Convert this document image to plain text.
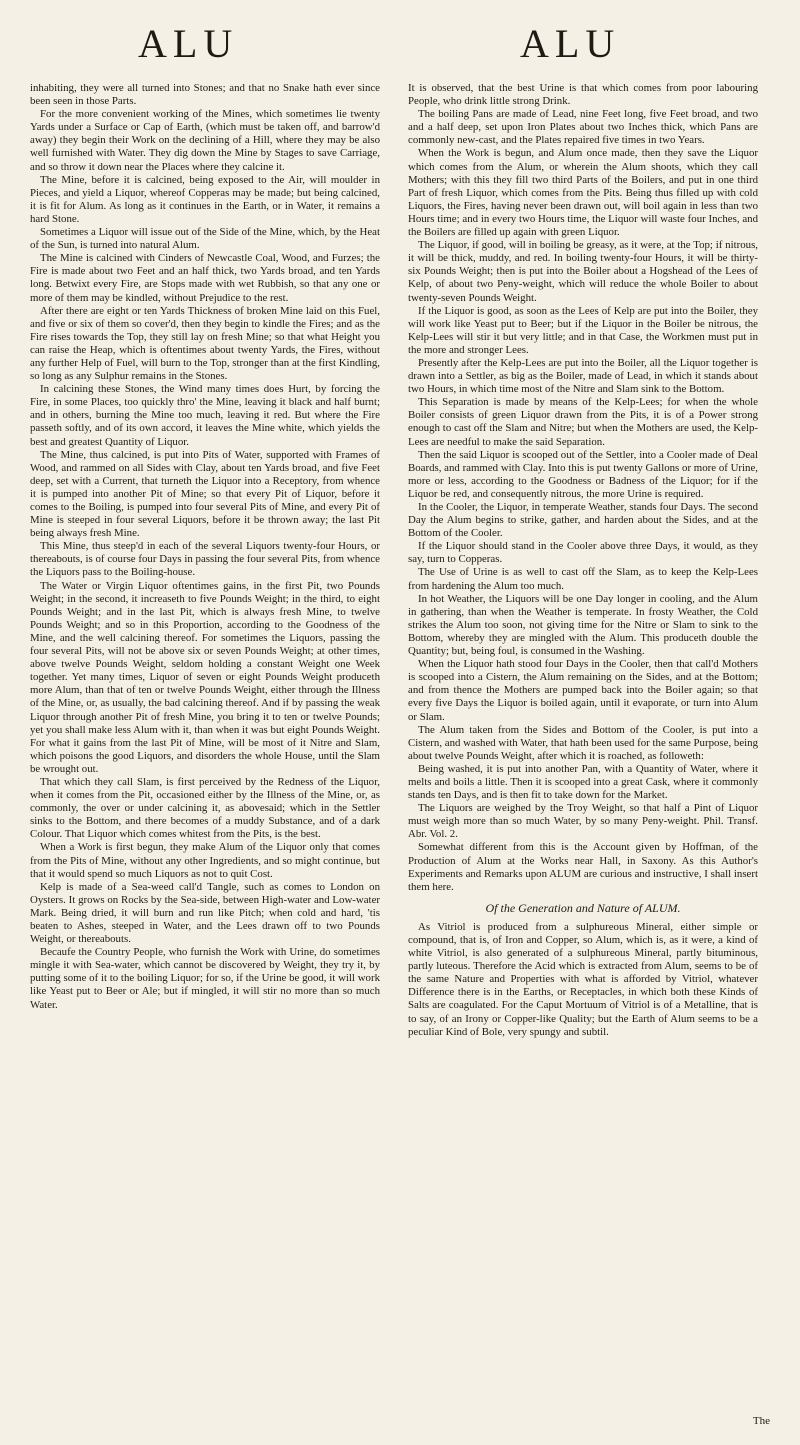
ALU	ALU

inhabiting, they were all turned into Stones; and that no Snake hath ever since been seen in those Parts.

For the more convenient working of the Mines, which sometimes lie twenty Yards under a Surface or Cap of Earth, (which must be taken off, and barrow'd away) they begin their Work on the declining of a Hill, where they may be also well furnished with Water. They dig down the Mine by Stages to save Carriage, and so throw it down near the Places where they calcine it.

The Mine, before it is calcined, being exposed to the Air, will moulder in Pieces, and yield a Liquor, whereof Copperas may be made; but being calcined, it is fit for Alum. As long as it continues in the Earth, or in Water, it remains a hard Stone.

Sometimes a Liquor will issue out of the Side of the Mine, which, by the Heat of the Sun, is turned into natural Alum.

The Mine is calcined with Cinders of Newcastle Coal, Wood, and Furzes; the Fire is made about two Feet and an half thick, two Yards broad, and ten Yards long. Betwixt every Fire, are Stops made with wet Rubbish, so that any one or more of them may be kindled, without Prejudice to the rest.

After there are eight or ten Yards Thickness of broken Mine laid on this Fuel, and five or six of them so cover'd, then they begin to kindle the Fires; and as the Fire rises towards the Top, they still lay on fresh Mine; so that what Height you can raise the Heap, which is oftentimes about twenty Yards, the Fires, without any further Help of Fuel, will burn to the Top, stronger than at the first Kindling, so long as any Sulphur remains in the Stones.

In calcining these Stones, the Wind many times does Hurt, by forcing the Fire, in some Places, too quickly thro' the Mine, leaving it black and half burnt; and in others, burning the Mine too much, leaving it red. But where the Fire passeth softly, and of its own accord, it leaves the Mine white, which yields the best and greatest Quantity of Liquor.

The Mine, thus calcined, is put into Pits of Water, supported with Frames of Wood, and rammed on all Sides with Clay, about ten Yards broad, and five Feet deep, set with a Current, that turneth the Liquor into a Receptory, from whence it is pumped into another Pit of Mine; so that every Pit of Liquor, before it comes to the Boiling, is pumped into four several Pits of Mine, and every Pit of Mine is steeped in four several Liquors, before it be thrown away; the last Pit being always fresh Mine.

This Mine, thus steep'd in each of the several Liquors twenty-four Hours, or thereabouts, is of course four Days in passing the four several Pits, from whence the Liquors pass to the Boiling-house.

The Water or Virgin Liquor oftentimes gains, in the first Pit, two Pounds Weight; in the second, it increaseth to five Pounds Weight; in the third, to eight Pounds Weight; and in the last Pit, which is always fresh Mine, to twelve Pounds Weight; and so in this Proportion, according to the Goodness of the Mine, and the well calcining thereof. For sometimes the Liquors, passing the four several Pits, will not be above six or seven Pounds Weight; at other times, above twelve Pounds Weight, seldom holding a constant Weight one Week together. Yet many times, Liquor of seven or eight Pounds Weight produceth more Alum, than that of ten or twelve Pounds Weight, either through the Illness of the Mine, or, as usually, the bad calcining thereof. And if by passing the weak Liquor through another Pit of fresh Mine, you bring it to ten or twelve Pounds; yet you shall make less Alum with it, than when it was but eight Pounds Weight. For what it gains from the last Pit of Mine, will be most of it Nitre and Slam, which poisons the good Liquors, and disorders the whole House, until the Slam be wrought out.

That which they call Slam, is first perceived by the Redness of the Liquor, when it comes from the Pit, occasioned either by the Illness of the Mine, or, as commonly, the over or under calcining it, as abovesaid; which in the Settler sinks to the Bottom, and there becomes of a muddy Substance, and of a dark Colour. That Liquor which comes whitest from the Pits, is the best.

When a Work is first begun, they make Alum of the Liquor only that comes from the Pits of Mine, without any other Ingredients, and so might continue, but that it would spend so much Liquors as not to quit Cost.

Kelp is made of a Sea-weed call'd Tangle, such as comes to London on Oysters. It grows on Rocks by the Sea-side, between High-water and Low-water Mark. Being dried, it will burn and run like Pitch; when cold and hard, 'tis beaten to Ashes, steeped in Water, and the Lees drawn off to two Pounds Weight, or thereabouts.

Becaufe the Country People, who furnish the Work with Urine, do sometimes mingle it with Sea-water, which cannot be discovered by Weight, they try it, by putting some of it to the boiling Liquor; for so, if the Urine be good, it will work like Yeast put to Beer or Ale; but if mingled, it will stir no more than so much Water.

It is observed, that the best Urine is that which comes from poor labouring People, who drink little strong Drink.

The boiling Pans are made of Lead, nine Feet long, five Feet broad, and two and a half deep, set upon Iron Plates about two Inches thick, which Pans are commonly new-cast, and the Plates repaired five times in two Years.

When the Work is begun, and Alum once made, then they save the Liquor which comes from the Alum, or wherein the Alum shoots, which they call Mothers; with this they fill two third Parts of the Boilers, and put in one third Part of fresh Liquor, which comes from the Pits. Being thus filled up with cold Liquors, the Fires, having never been drawn out, will boil again in less than two Hours time; and in every two Hours time, the Liquor will waste four Inches, and the Boilers are filled up again with green Liquor.

The Liquor, if good, will in boiling be greasy, as it were, at the Top; if nitrous, it will be thick, muddy, and red. In boiling twenty-four Hours, it will be thirty-six Pounds Weight; then is put into the Boiler about a Hogshead of the Lees of Kelp, of about two Peny-weight, which will reduce the whole Boiler to about twenty-seven Pounds Weight.

If the Liquor is good, as soon as the Lees of Kelp are put into the Boiler, they will work like Yeast put to Beer; but if the Liquor in the Boiler be nitrous, the Kelp-Lees will stir it but very little; and in that Case, the Workmen must put in the more and stronger Lees.

Presently after the Kelp-Lees are put into the Boiler, all the Liquor together is drawn into a Settler, as big as the Boiler, made of Lead, in which it stands about two Hours, in which time most of the Nitre and Slam sink to the Bottom.

This Separation is made by means of the Kelp-Lees; for when the whole Boiler consists of green Liquor drawn from the Pits, it is of a Power strong enough to cast off the Slam and Nitre; but when the Mothers are used, the Kelp-Lees are needful to make the said Separation.

Then the said Liquor is scooped out of the Settler, into a Cooler made of Deal Boards, and rammed with Clay. Into this is put twenty Gallons or more of Urine, more or less, according to the Goodness or Badness of the Liquor; for if the Liquor be red, and consequently nitrous, the more Urine is required.

In the Cooler, the Liquor, in temperate Weather, stands four Days. The second Day the Alum begins to strike, gather, and harden about the Sides, and at the Bottom of the Cooler.

If the Liquor should stand in the Cooler above three Days, it would, as they say, turn to Copperas.

The Use of Urine is as well to cast off the Slam, as to keep the Kelp-Lees from hardening the Alum too much.

In hot Weather, the Liquors will be one Day longer in cooling, and the Alum in gathering, than when the Weather is temperate. In frosty Weather, the Cold strikes the Alum too soon, not giving time for the Nitre or Slam to sink to the Bottom, whereby they are mingled with the Alum. This produceth double the Quantity; but, being foul, is consumed in the Washing.

When the Liquor hath stood four Days in the Cooler, then that call'd Mothers is scooped into a Cistern, the Alum remaining on the Sides, and at the Bottom; and from thence the Mothers are pumped back into the Boiler again; so that every five Days the Liquor is boiled again, until it evaporate, or turn into Alum or Slam.

The Alum taken from the Sides and Bottom of the Cooler, is put into a Cistern, and washed with Water, that hath been used for the same Purpose, being about twelve Pounds Weight, after which it is roached, as followeth:

Being washed, it is put into another Pan, with a Quantity of Water, where it melts and boils a little. Then it is scooped into a great Cask, where it commonly stands ten Days, and is then fit to take down for the Market.

The Liquors are weighed by the Troy Weight, so that half a Pint of Liquor must weigh more than so much Water, by so many Peny-weight. Phil. Transf. Abr. Vol. 2.

Somewhat different from this is the Account given by Hoffman, of the Production of Alum at the Works near Hall, in Saxony. As this Author's Experiments and Remarks upon ALUM are curious and instructive, I shall insert them here.

Of the Generation and Nature of ALUM.

As Vitriol is produced from a sulphureous Mineral, either simple or compound, that is, of Iron and Copper, so Alum, which is, as it were, a kind of white Vitriol, is also generated of a sulphureous Mineral, partly bituminous, partly luteous. Therefore the Acid which is extracted from Alum, seems to be of the same Nature and Properties with what is afforded by Vitriol, whatever Difference there is in the Earths, or Receptacles, in which both these Kinds of Salts are coagulated. For the Caput Mortuum of Vitriol is of a Metalline, that is to say, of an Irony or Copper-like Quality; but the Earth of Alum seems to be a peculiar Kind of Bole, very spungy and subtil.

The
